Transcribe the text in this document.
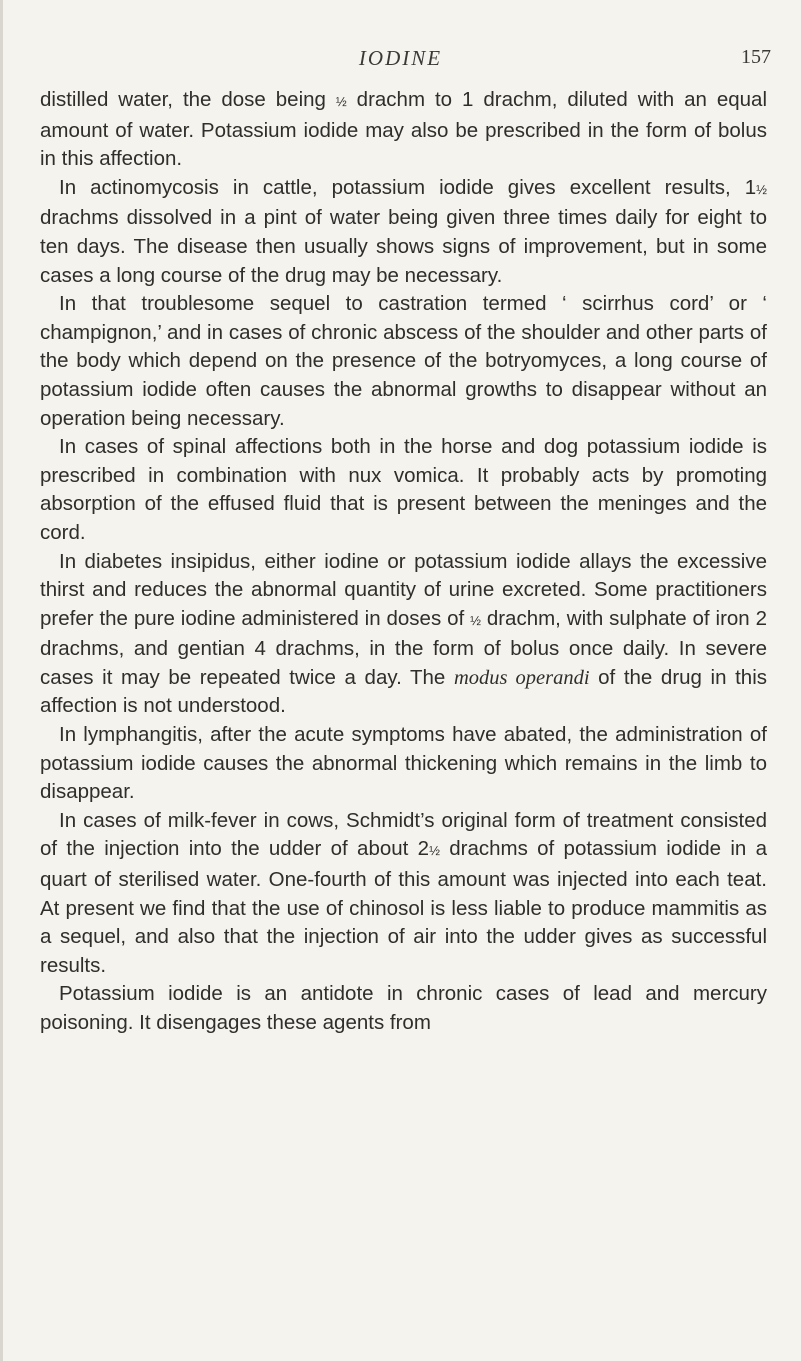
IODINE	157

distilled water, the dose being ½ drachm to 1 drachm, diluted with an equal amount of water. Potassium iodide may also be prescribed in the form of bolus in this affection.

In actinomycosis in cattle, potassium iodide gives excellent results, 1½ drachms dissolved in a pint of water being given three times daily for eight to ten days. The disease then usually shows signs of improvement, but in some cases a long course of the drug may be necessary.

In that troublesome sequel to castration termed ‘ scirrhus cord’ or ‘ champignon,’ and in cases of chronic abscess of the shoulder and other parts of the body which depend on the presence of the botryomyces, a long course of potassium iodide often causes the abnormal growths to disappear without an operation being necessary.

In cases of spinal affections both in the horse and dog potassium iodide is prescribed in combination with nux vomica. It probably acts by promoting absorption of the effused fluid that is present between the meninges and the cord.

In diabetes insipidus, either iodine or potassium iodide allays the excessive thirst and reduces the abnormal quantity of urine excreted. Some practitioners prefer the pure iodine administered in doses of ½ drachm, with sulphate of iron 2 drachms, and gentian 4 drachms, in the form of bolus once daily. In severe cases it may be repeated twice a day. The modus operandi of the drug in this affection is not understood.

In lymphangitis, after the acute symptoms have abated, the administration of potassium iodide causes the abnormal thickening which remains in the limb to disappear.

In cases of milk-fever in cows, Schmidt’s original form of treatment consisted of the injection into the udder of about 2½ drachms of potassium iodide in a quart of sterilised water. One-fourth of this amount was injected into each teat. At present we find that the use of chinosol is less liable to produce mammitis as a sequel, and also that the injection of air into the udder gives as successful results.

Potassium iodide is an antidote in chronic cases of lead and mercury poisoning. It disengages these agents from
